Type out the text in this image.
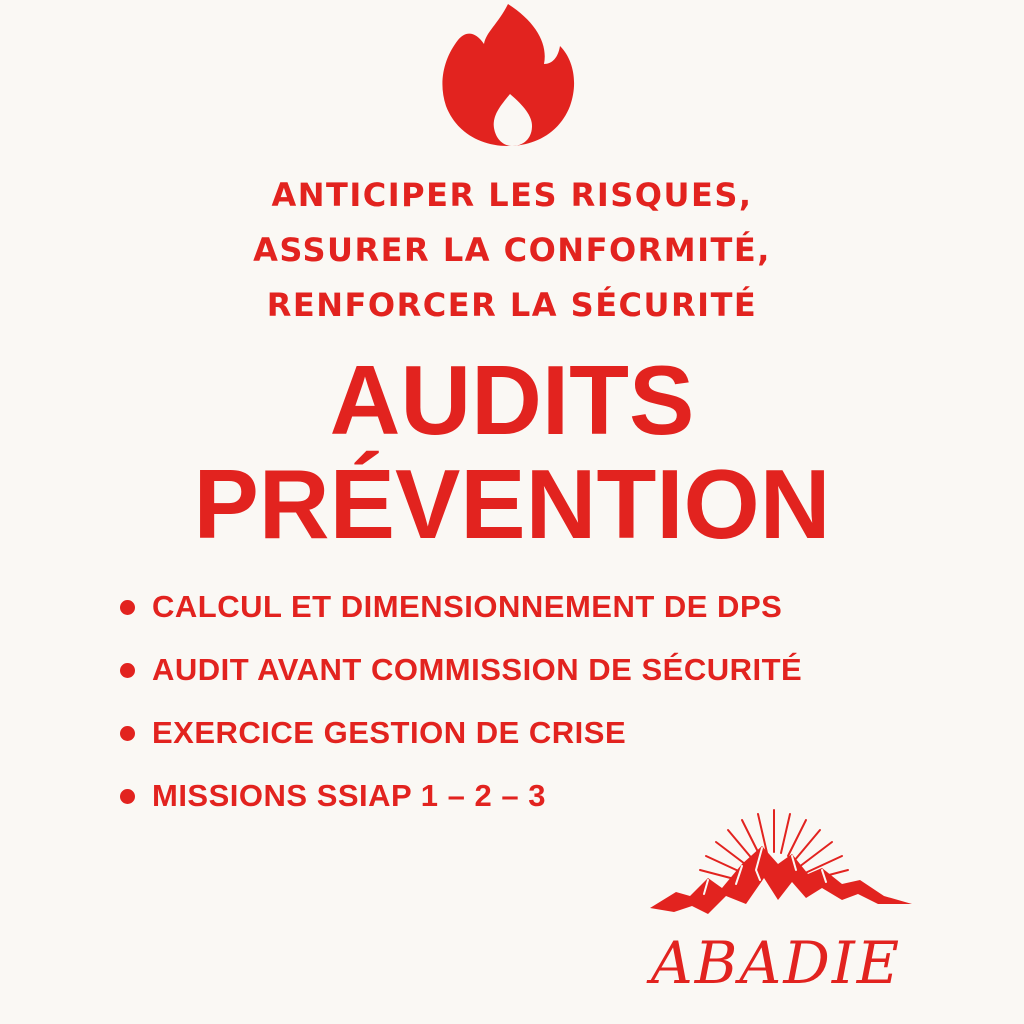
ANTICIPER LES RISQUES,
ASSURER LA CONFORMITÉ,
RENFORCER LA SÉCURITÉ
AUDITS
PRÉVENTION
CALCUL ET DIMENSIONNEMENT DE DPS
AUDIT AVANT COMMISSION DE SÉCURITÉ
EXERCICE GESTION DE CRISE
MISSIONS SSIAP 1 – 2 – 3
ABADIE
